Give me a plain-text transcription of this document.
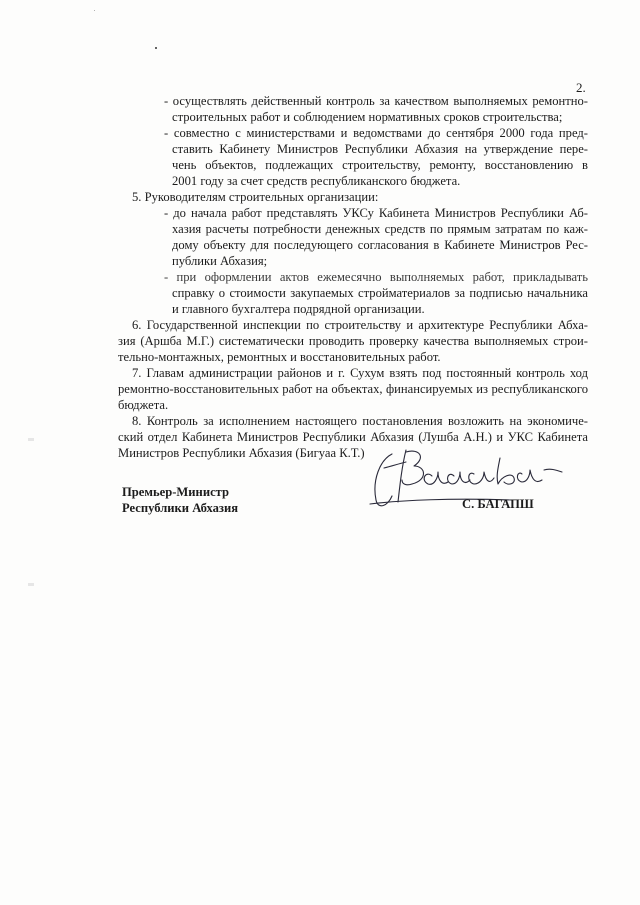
2.
- осуществлять действенный контроль за качеством выполняемых ремонтно-
строительных работ и соблюдением нормативных сроков строительства;
- совместно с министерствами и ведомствами до сентября 2000 года пред-
ставить Кабинету Министров Республики Абхазия на утверждение пере-
чень объектов, подлежащих строительству, ремонту, восстановлению в
2001 году за счет средств республиканского бюджета.
5. Руководителям строительных организации:
- до начала работ представлять УКСу Кабинета Министров Республики Аб-
хазия расчеты потребности денежных средств по прямым затратам по каж-
дому объекту для последующего согласования в Кабинете Министров Рес-
публики Абхазия;
- при оформлении актов ежемесячно выполняемых работ, прикладывать
справку о стоимости закупаемых стройматериалов за подписью начальника
и главного бухгалтера подрядной организации.
6. Государственной инспекции по строительству и архитектуре Республики Абха-
зия (Аршба М.Г.) систематически проводить проверку качества выполняемых строи-
тельно-монтажных, ремонтных и восстановительных работ.
7. Главам администрации районов и г. Сухум взять под постоянный контроль ход
ремонтно-восстановительных работ на объектах, финансируемых из республиканского
бюджета.
8. Контроль за исполнением настоящего постановления возложить на экономиче-
ский отдел Кабинета Министров Республики Абхазия (Лушба А.Н.) и УКС Кабинета
Министров Республики Абхазия (Бигуаа К.Т.)
Премьер-Министр
Республики Абхазия	С. БАГАПШ
